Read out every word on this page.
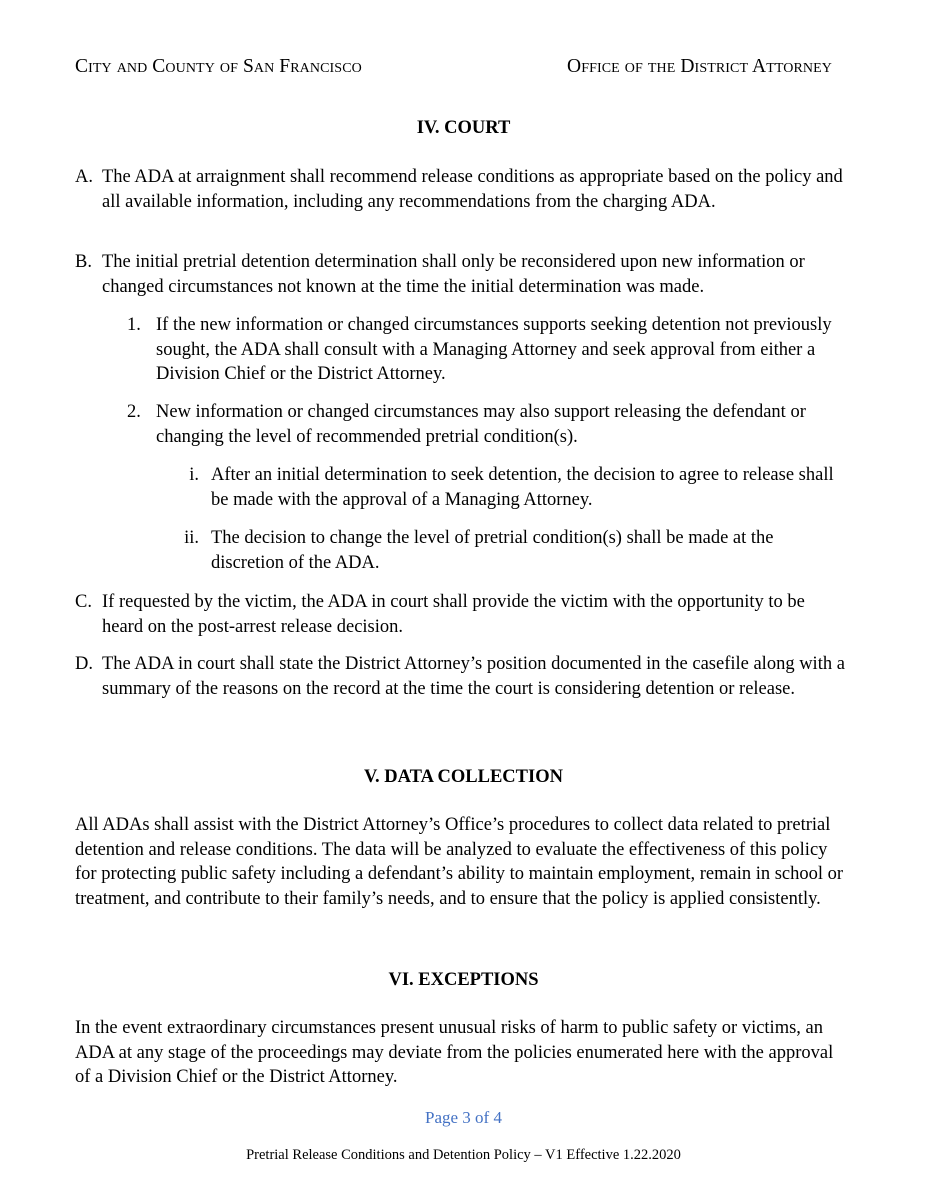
City and County of San Francisco	Office of the District Attorney
IV. COURT
A. The ADA at arraignment shall recommend release conditions as appropriate based on the policy and all available information, including any recommendations from the charging ADA.
B. The initial pretrial detention determination shall only be reconsidered upon new information or changed circumstances not known at the time the initial determination was made.
1. If the new information or changed circumstances supports seeking detention not previously sought, the ADA shall consult with a Managing Attorney and seek approval from either a Division Chief or the District Attorney.
2. New information or changed circumstances may also support releasing the defendant or changing the level of recommended pretrial condition(s).
i. After an initial determination to seek detention, the decision to agree to release shall be made with the approval of a Managing Attorney.
ii. The decision to change the level of pretrial condition(s) shall be made at the discretion of the ADA.
C. If requested by the victim, the ADA in court shall provide the victim with the opportunity to be heard on the post-arrest release decision.
D. The ADA in court shall state the District Attorney’s position documented in the casefile along with a summary of the reasons on the record at the time the court is considering detention or release.
V. DATA COLLECTION
All ADAs shall assist with the District Attorney’s Office’s procedures to collect data related to pretrial detention and release conditions. The data will be analyzed to evaluate the effectiveness of this policy for protecting public safety including a defendant’s ability to maintain employment, remain in school or treatment, and contribute to their family’s needs, and to ensure that the policy is applied consistently.
VI. EXCEPTIONS
In the event extraordinary circumstances present unusual risks of harm to public safety or victims, an ADA at any stage of the proceedings may deviate from the policies enumerated here with the approval of a Division Chief or the District Attorney.
Page 3 of 4
Pretrial Release Conditions and Detention Policy – V1 Effective 1.22.2020
